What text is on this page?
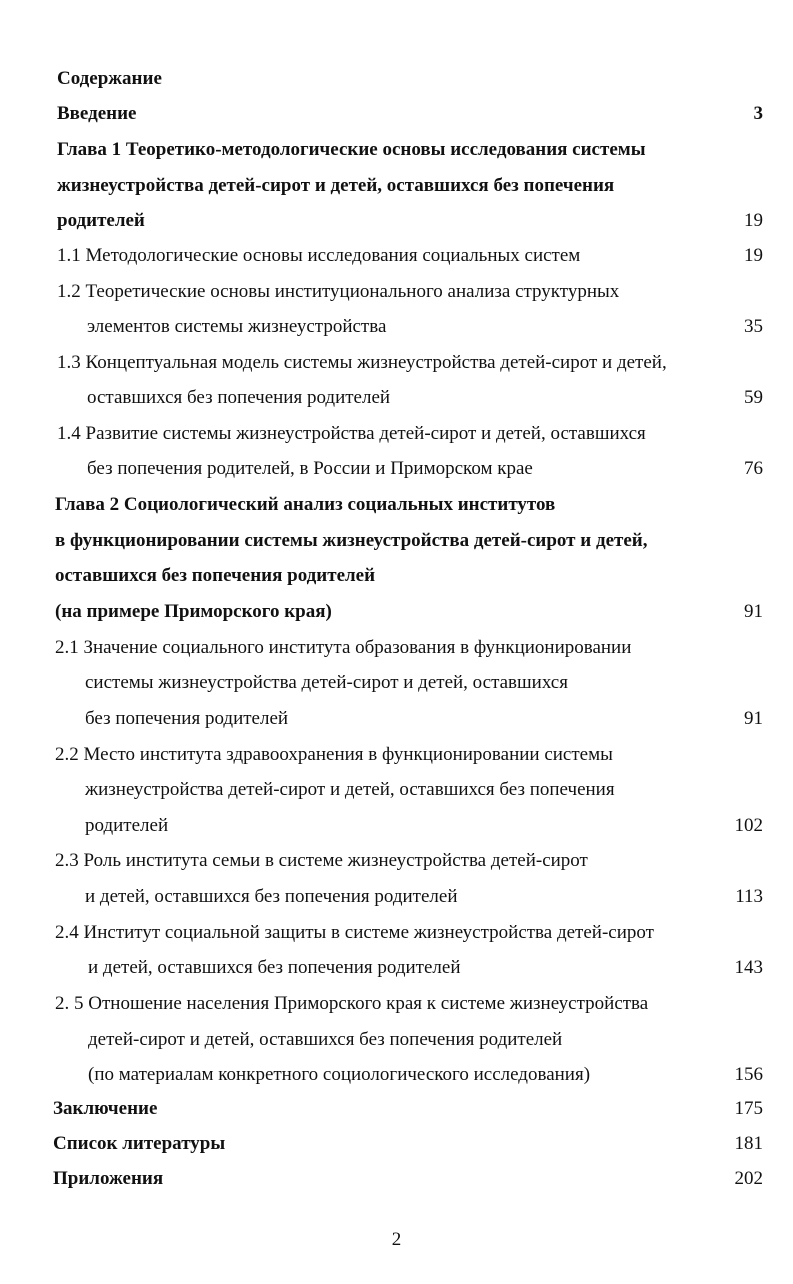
Содержание
Введение	3
Глава 1 Теоретико-методологические основы исследования системы
жизнеустройства детей-сирот и детей, оставшихся без попечения
родителей	19
1.1 Методологические основы исследования социальных систем	19
1.2 Теоретические основы институционального анализа структурных
элементов системы жизнеустройства	35
1.3 Концептуальная модель системы жизнеустройства детей-сирот и детей,
оставшихся без попечения родителей	59
1.4 Развитие системы жизнеустройства детей-сирот и детей, оставшихся
без попечения родителей, в России и Приморском крае	76
Глава 2 Социологический анализ социальных институтов
в функционировании системы жизнеустройства детей-сирот и детей,
оставшихся без попечения родителей
(на примере Приморского края)	91
2.1 Значение социального института образования в функционировании
системы жизнеустройства детей-сирот и детей, оставшихся
без попечения родителей	91
2.2 Место института здравоохранения в функционировании системы
жизнеустройства детей-сирот и детей, оставшихся без попечения
родителей	102
2.3 Роль института семьи в системе жизнеустройства детей-сирот
и детей, оставшихся без попечения родителей	113
2.4 Институт социальной защиты в системе жизнеустройства детей-сирот
и детей, оставшихся без попечения родителей	143
2. 5 Отношение населения Приморского края к системе жизнеустройства
детей-сирот и детей, оставшихся без попечения родителей
(по материалам конкретного социологического исследования)	156
Заключение	175
Список литературы	181
Приложения	202
2
